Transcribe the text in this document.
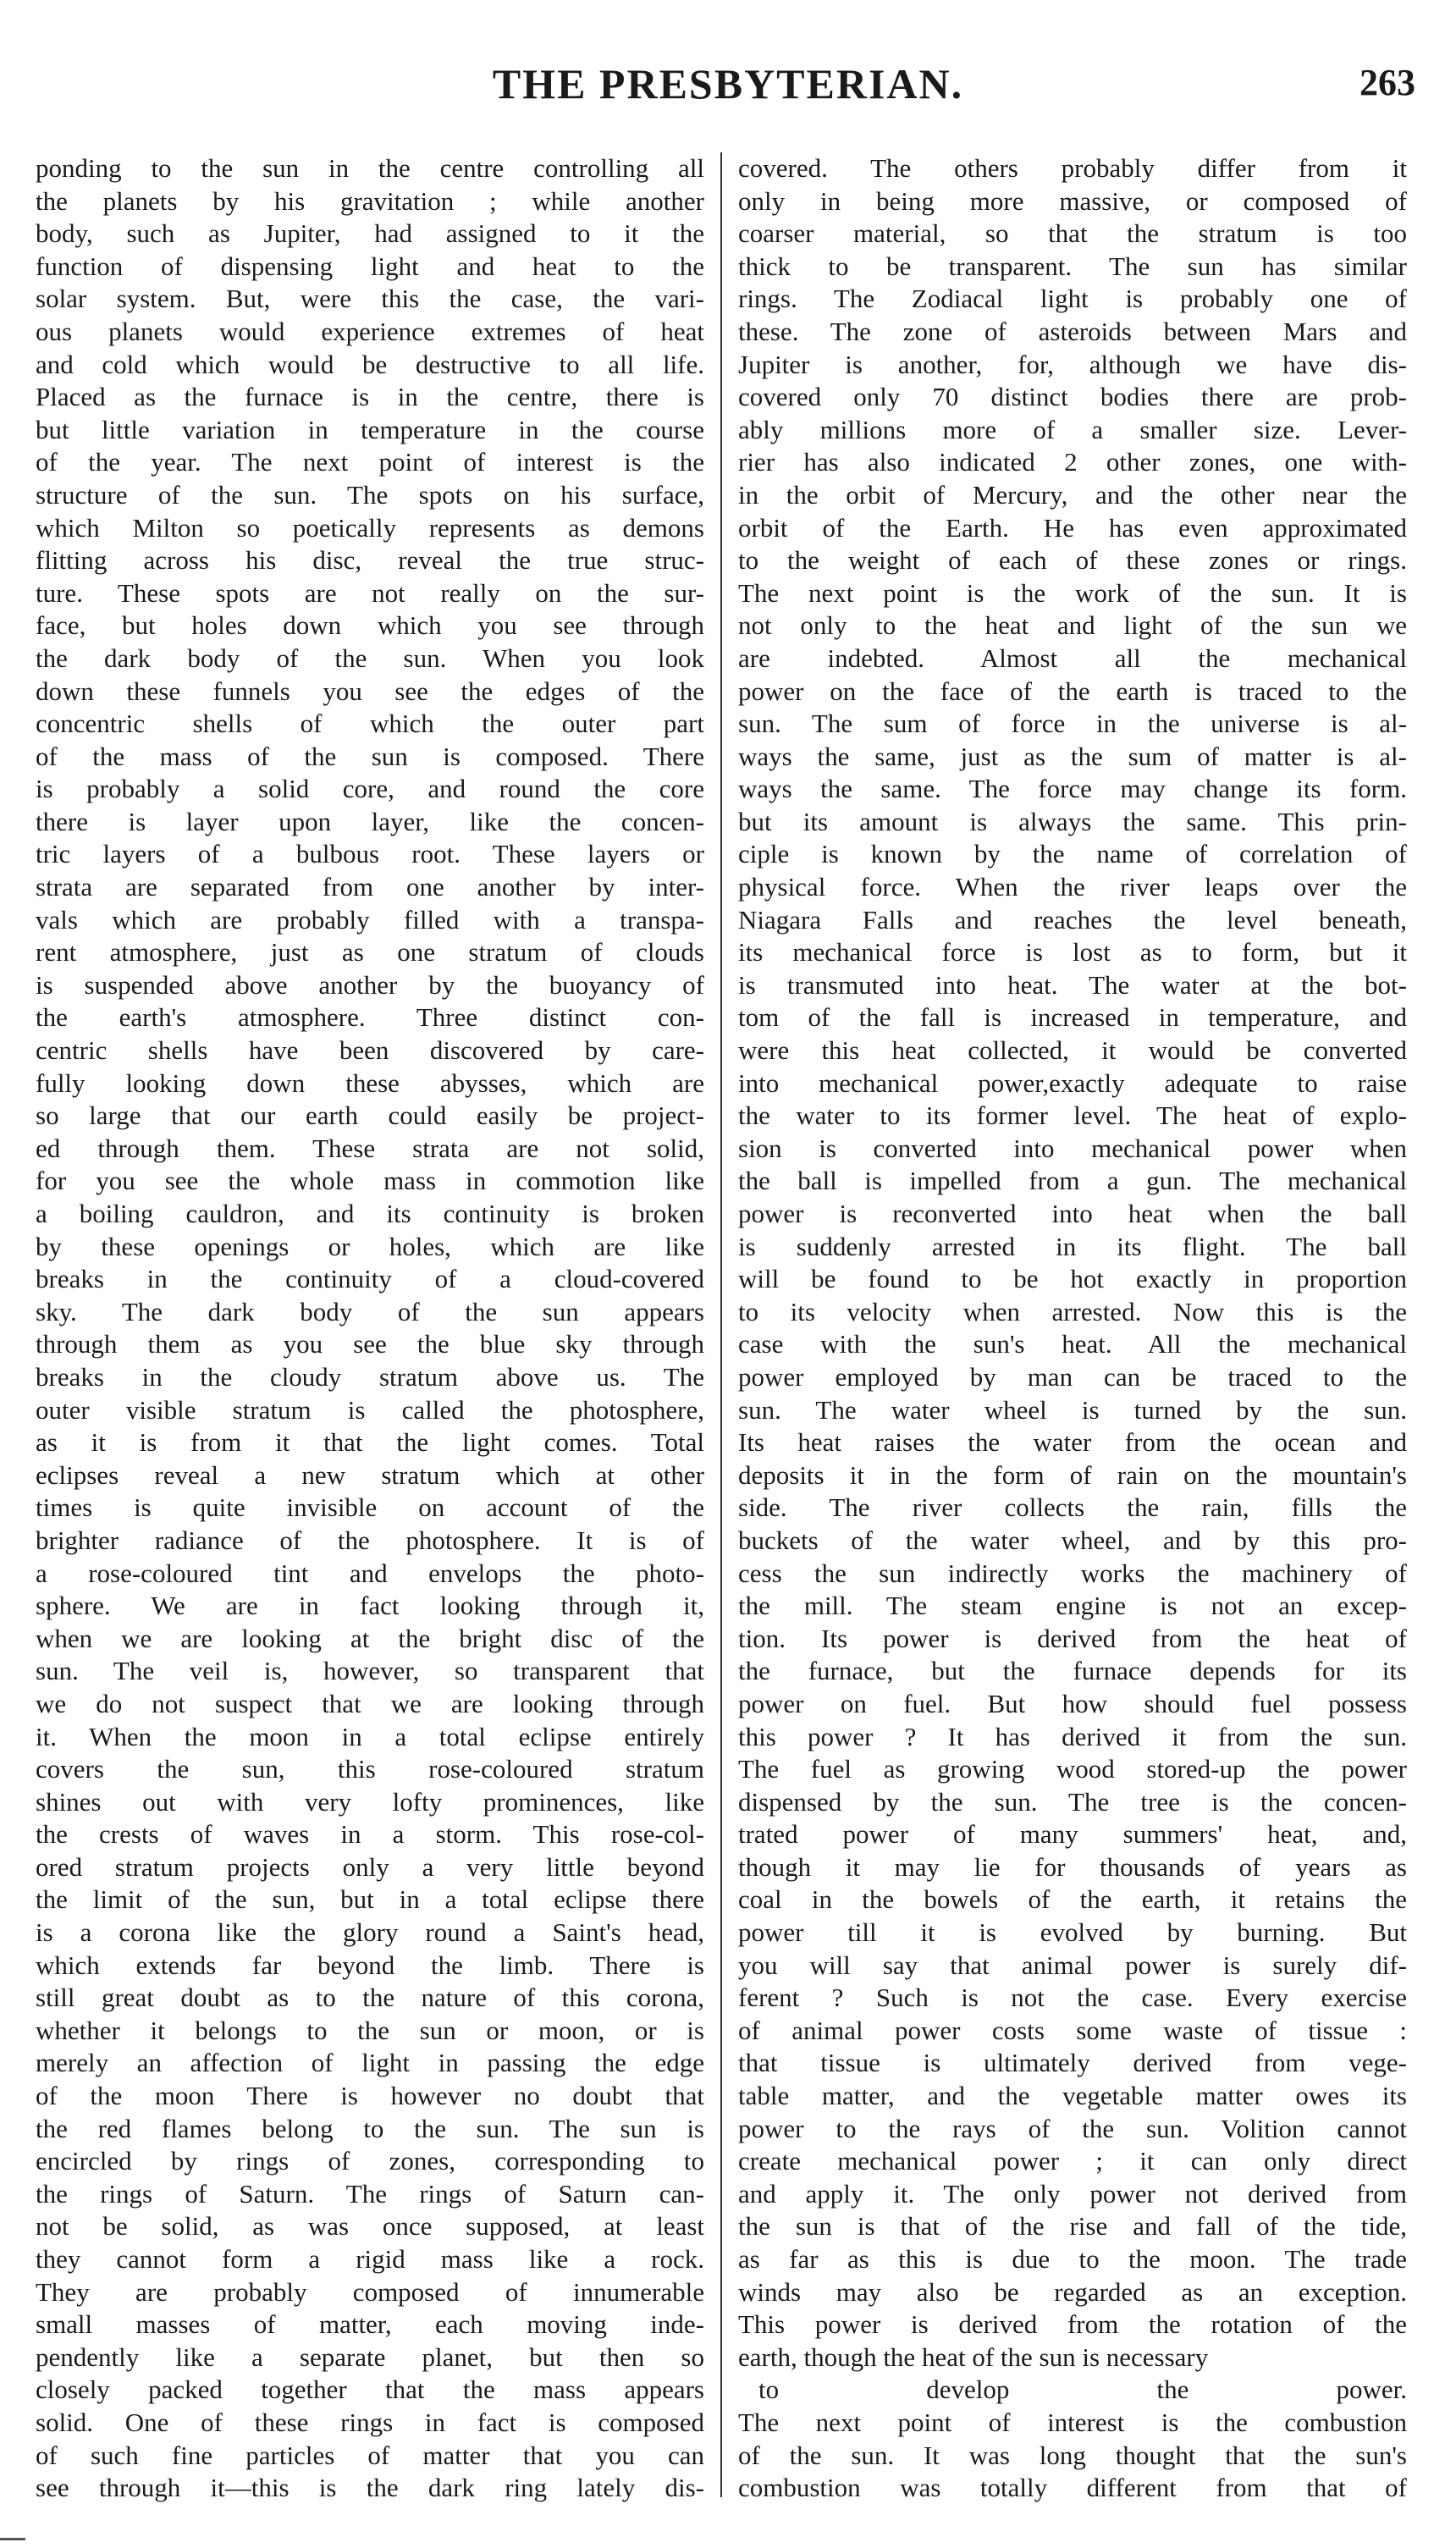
THE PRESBYTERIAN.	263
ponding to the sun in the centre controlling all
the planets by his gravitation ; while another
body, such as Jupiter, had assigned to it the
function of dispensing light and heat to the
solar system. But, were this the case, the vari-
ous planets would experience extremes of heat
and cold which would be destructive to all life.
Placed as the furnace is in the centre, there is
but little variation in temperature in the course
of the year. The next point of interest is the
structure of the sun. The spots on his surface,
which Milton so poetically represents as demons
flitting across his disc, reveal the true struc-
ture. These spots are not really on the sur-
face, but holes down which you see through
the dark body of the sun. When you look
down these funnels you see the edges of the
concentric shells of which the outer part
of the mass of the sun is composed. There
is probably a solid core, and round the core
there is layer upon layer, like the concen-
tric layers of a bulbous root. These layers or
strata are separated from one another by inter-
vals which are probably filled with a transpa-
rent atmosphere, just as one stratum of clouds
is suspended above another by the buoyancy of
the earth's atmosphere. Three distinct con-
centric shells have been discovered by care-
fully looking down these abysses, which are
so large that our earth could easily be project-
ed through them. These strata are not solid,
for you see the whole mass in commotion like
a boiling cauldron, and its continuity is broken
by these openings or holes, which are like
breaks in the continuity of a cloud-covered
sky. The dark body of the sun appears
through them as you see the blue sky through
breaks in the cloudy stratum above us. The
outer visible stratum is called the photosphere,
as it is from it that the light comes. Total
eclipses reveal a new stratum which at other
times is quite invisible on account of the
brighter radiance of the photosphere. It is of
a rose-coloured tint and envelops the photo-
sphere. We are in fact looking through it,
when we are looking at the bright disc of the
sun. The veil is, however, so transparent that
we do not suspect that we are looking through
it. When the moon in a total eclipse entirely
covers the sun, this rose-coloured stratum
shines out with very lofty prominences, like
the crests of waves in a storm. This rose-col-
ored stratum projects only a very little beyond
the limit of the sun, but in a total eclipse there
is a corona like the glory round a Saint's head,
which extends far beyond the limb. There is
still great doubt as to the nature of this corona,
whether it belongs to the sun or moon, or is
merely an affection of light in passing the edge
of the moon There is however no doubt that
the red flames belong to the sun. The sun is
encircled by rings of zones, corresponding to
the rings of Saturn. The rings of Saturn can-
not be solid, as was once supposed, at least
they cannot form a rigid mass like a rock.
They are probably composed of innumerable
small masses of matter, each moving inde-
pendently like a separate planet, but then so
closely packed together that the mass appears
solid. One of these rings in fact is composed
of such fine particles of matter that you can
see through it—this is the dark ring lately dis-
covered. The others probably differ from it
only in being more massive, or composed of
coarser material, so that the stratum is too
thick to be transparent. The sun has similar
rings. The Zodiacal light is probably one of
these. The zone of asteroids between Mars and
Jupiter is another, for, although we have dis-
covered only 70 distinct bodies there are prob-
ably millions more of a smaller size. Lever-
rier has also indicated 2 other zones, one with-
in the orbit of Mercury, and the other near the
orbit of the Earth. He has even approximated
to the weight of each of these zones or rings.
The next point is the work of the sun. It is
not only to the heat and light of the sun we
are indebted. Almost all the mechanical
power on the face of the earth is traced to the
sun. The sum of force in the universe is al-
ways the same, just as the sum of matter is al-
ways the same. The force may change its form.
but its amount is always the same. This prin-
ciple is known by the name of correlation of
physical force. When the river leaps over the
Niagara Falls and reaches the level beneath,
its mechanical force is lost as to form, but it
is transmuted into heat. The water at the bot-
tom of the fall is increased in temperature, and
were this heat collected, it would be converted
into mechanical power,exactly adequate to raise
the water to its former level. The heat of explo-
sion is converted into mechanical power when
the ball is impelled from a gun. The mechanical
power is reconverted into heat when the ball
is suddenly arrested in its flight. The ball
will be found to be hot exactly in proportion
to its velocity when arrested. Now this is the
case with the sun's heat. All the mechanical
power employed by man can be traced to the
sun. The water wheel is turned by the sun.
Its heat raises the water from the ocean and
deposits it in the form of rain on the mountain's
side. The river collects the rain, fills the
buckets of the water wheel, and by this pro-
cess the sun indirectly works the machinery of
the mill. The steam engine is not an excep-
tion. Its power is derived from the heat of
the furnace, but the furnace depends for its
power on fuel. But how should fuel possess
this power ? It has derived it from the sun.
The fuel as growing wood stored-up the power
dispensed by the sun. The tree is the concen-
trated power of many summers' heat, and,
though it may lie for thousands of years as
coal in the bowels of the earth, it retains the
power till it is evolved by burning. But
you will say that animal power is surely dif-
ferent ? Such is not the case. Every exercise
of animal power costs some waste of tissue :
that tissue is ultimately derived from vege-
table matter, and the vegetable matter owes its
power to the rays of the sun. Volition cannot
create mechanical power ; it can only direct
and apply it. The only power not derived from
the sun is that of the rise and fall of the tide,
as far as this is due to the moon. The trade
winds may also be regarded as an exception.
This power is derived from the rotation of the
earth, though the heat of the sun is necessary
to develop the power.
The next point of interest is the combustion
of the sun. It was long thought that the sun's
combustion was totally different from that of
